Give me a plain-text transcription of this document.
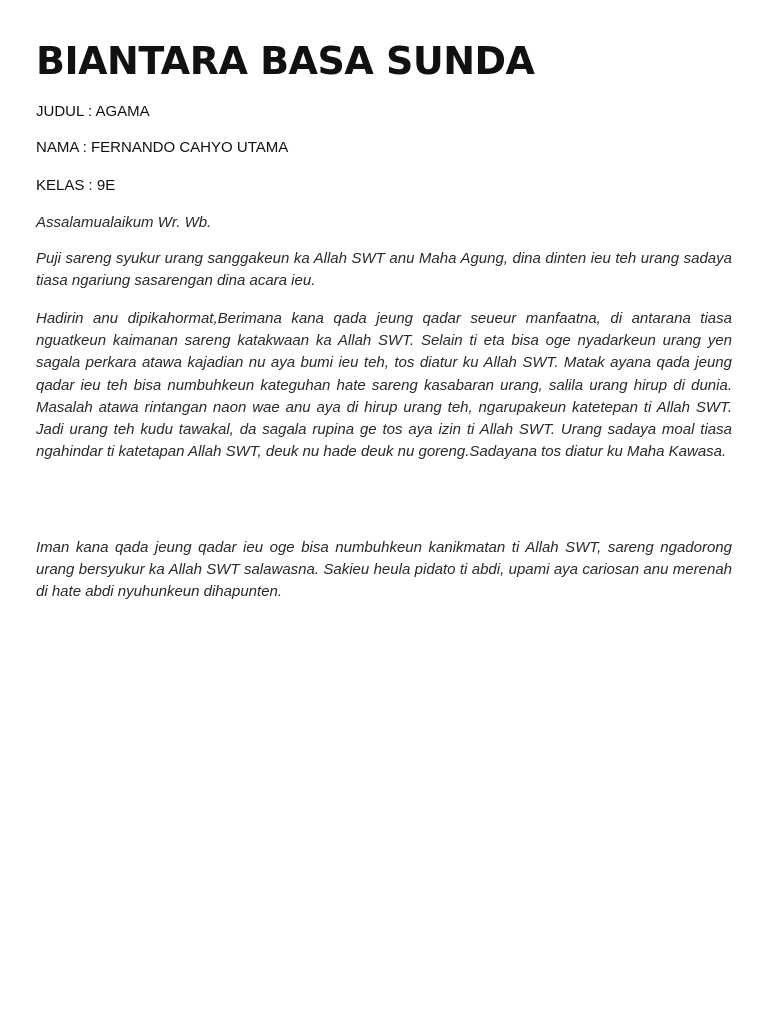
BIANTARA BASA SUNDA

JUDUL : AGAMA

NAMA : FERNANDO CAHYO UTAMA

KELAS : 9E

Assalamualaikum Wr. Wb.

Puji sareng syukur urang sanggakeun ka Allah SWT anu Maha Agung, dina dinten ieu teh urang sadaya tiasa ngariung sasarengan dina acara ieu.

Hadirin anu dipikahormat,Berimana kana qada jeung qadar seueur manfaatna, di antarana tiasa nguatkeun kaimanan sareng katakwaan ka Allah SWT. Selain ti eta bisa oge nyadarkeun urang yen sagala perkara atawa kajadian nu aya bumi ieu teh, tos diatur ku Allah SWT. Matak ayana qada jeung qadar ieu teh bisa numbuhkeun kateguhan hate sareng kasabaran urang, salila urang hirup di dunia. Masalah atawa rintangan naon wae anu aya di hirup urang teh, ngarupakeun katetepan ti Allah SWT. Jadi urang teh kudu tawakal, da sagala rupina ge tos aya izin ti Allah SWT. Urang sadaya moal tiasa ngahindar ti katetapan Allah SWT, deuk nu hade deuk nu goreng.Sadayana tos diatur ku Maha Kawasa.

Iman kana qada jeung qadar ieu oge bisa numbuhkeun kanikmatan ti Allah SWT, sareng ngadorong urang bersyukur ka Allah SWT salawasna. Sakieu heula pidato ti abdi, upami aya cariosan anu merenah di hate abdi nyuhunkeun dihapunten.
